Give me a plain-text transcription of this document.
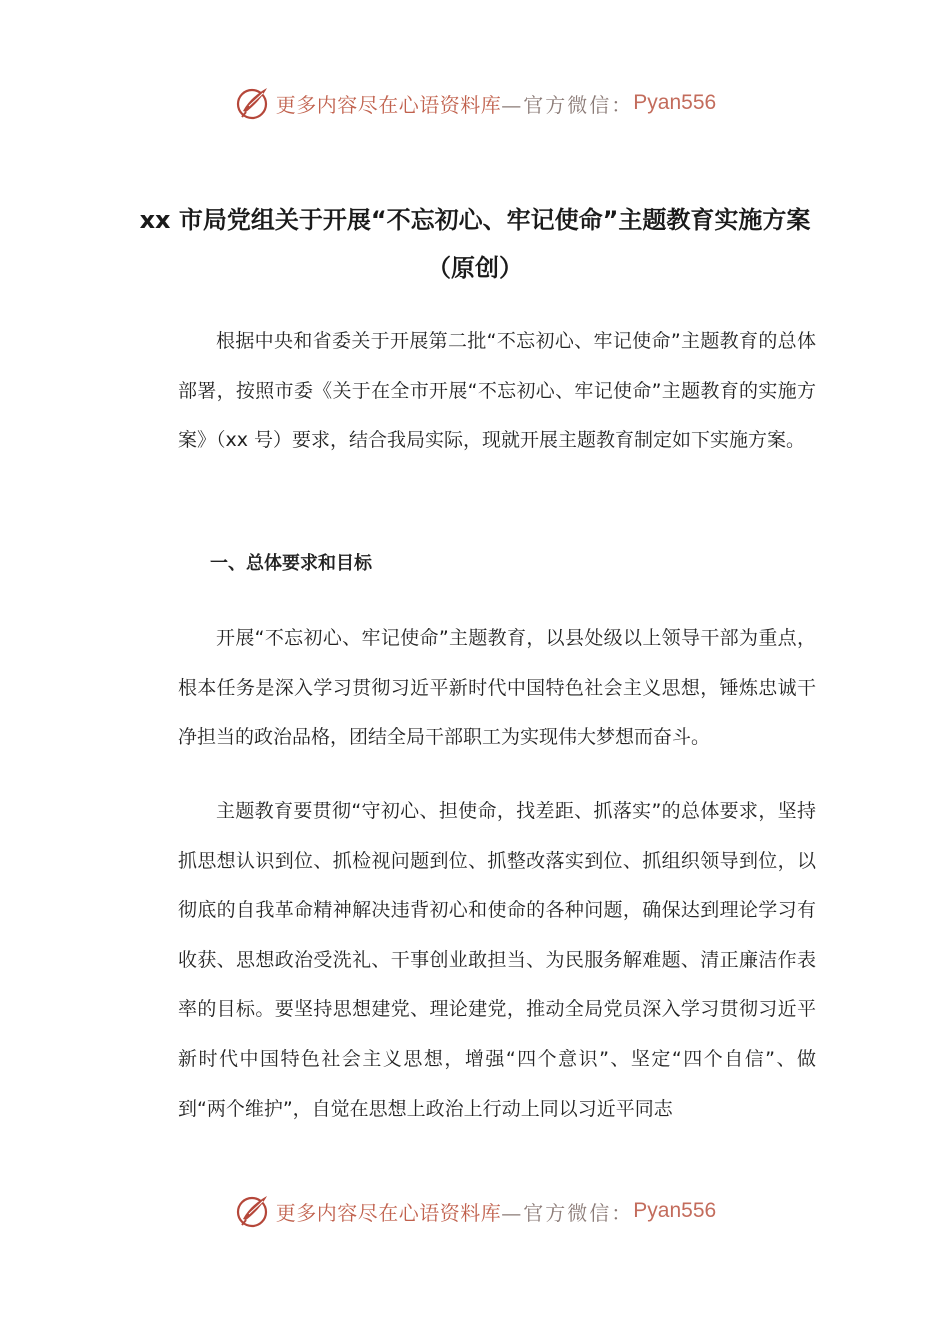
更多内容尽在心语资料库 —官方微信： Pyan556
xx 市局党组关于开展“不忘初心、牢记使命”主题教育实施方案（原创）

根据中央和省委关于开展第二批“不忘初心、牢记使命”主题教育的总体部署，按照市委《关于在全市开展“不忘初心、牢记使命”主题教育的实施方案》（xx 号）要求，结合我局实际，现就开展主题教育制定如下实施方案。

一、总体要求和目标

开展“不忘初心、牢记使命”主题教育，以县处级以上领导干部为重点，根本任务是深入学习贯彻习近平新时代中国特色社会主义思想，锤炼忠诚干净担当的政治品格，团结全局干部职工为实现伟大梦想而奋斗。

主题教育要贯彻“守初心、担使命，找差距、抓落实”的总体要求，坚持抓思想认识到位、抓检视问题到位、抓整改落实到位、抓组织领导到位，以彻底的自我革命精神解决违背初心和使命的各种问题，确保达到理论学习有收获、思想政治受洗礼、干事创业敢担当、为民服务解难题、清正廉洁作表率的目标。要坚持思想建党、理论建党，推动全局党员深入学习贯彻习近平新时代中国特色社会主义思想，增强“四个意识”、坚定“四个自信”、做到“两个维护”，自觉在思想上政治上行动上同以习近平同志

更多内容尽在心语资料库 —官方微信： Pyan556
